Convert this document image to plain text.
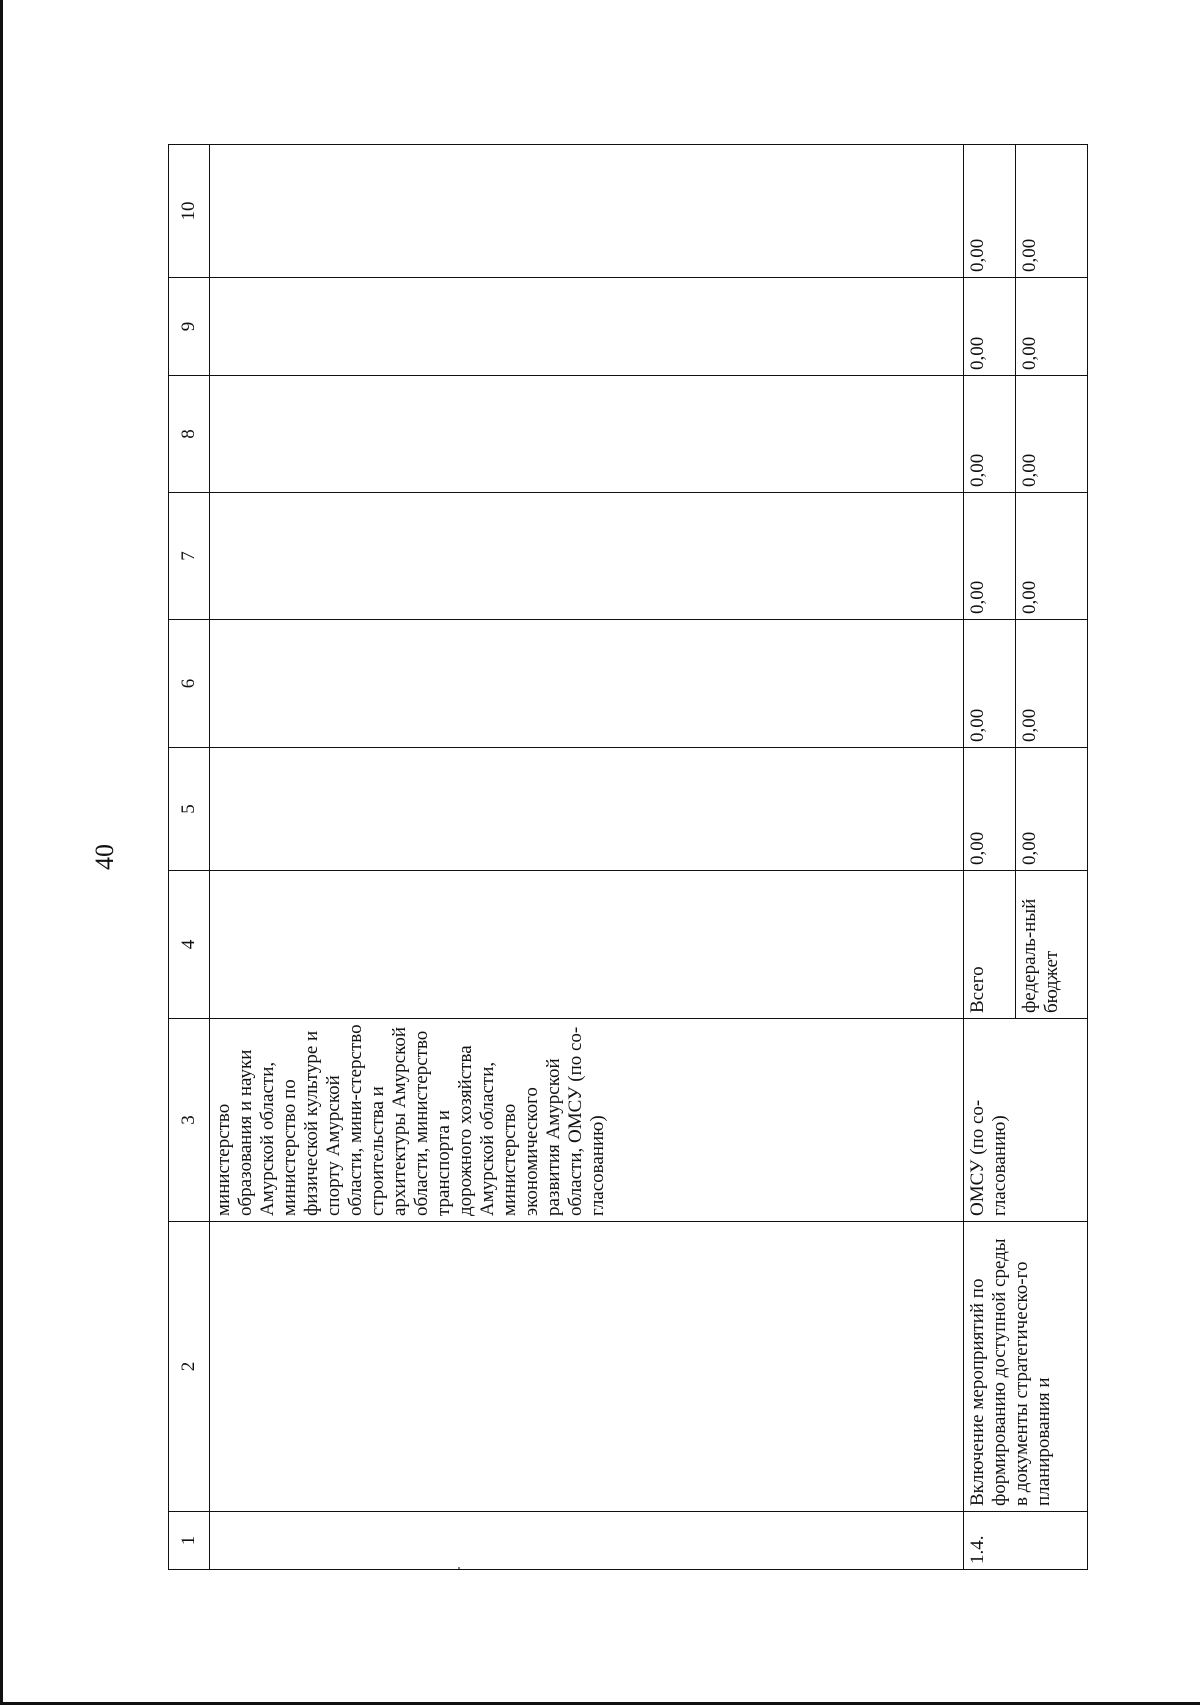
40
1	2	3	4	5	6	7	8	9	10
		министерство образования и науки Амурской области, министерство по физической культуре и спорту Амурской области, мини-стерство строительства и архитектуры Амурской области, министерство транспорта и дорожного хозяйства Амурской области, министерство экономического развития Амурской области, ОМСУ (по со-гласованию)							
1.4.	Включение мероприятий по формированию доступной среды в документы стратегическо-го планирования и	ОМСУ (по со-гласованию)	Всего	0,00	0,00	0,00	0,00	0,00	0,00
			федераль-ный бюджет	0,00	0,00	0,00	0,00	0,00	0,00
